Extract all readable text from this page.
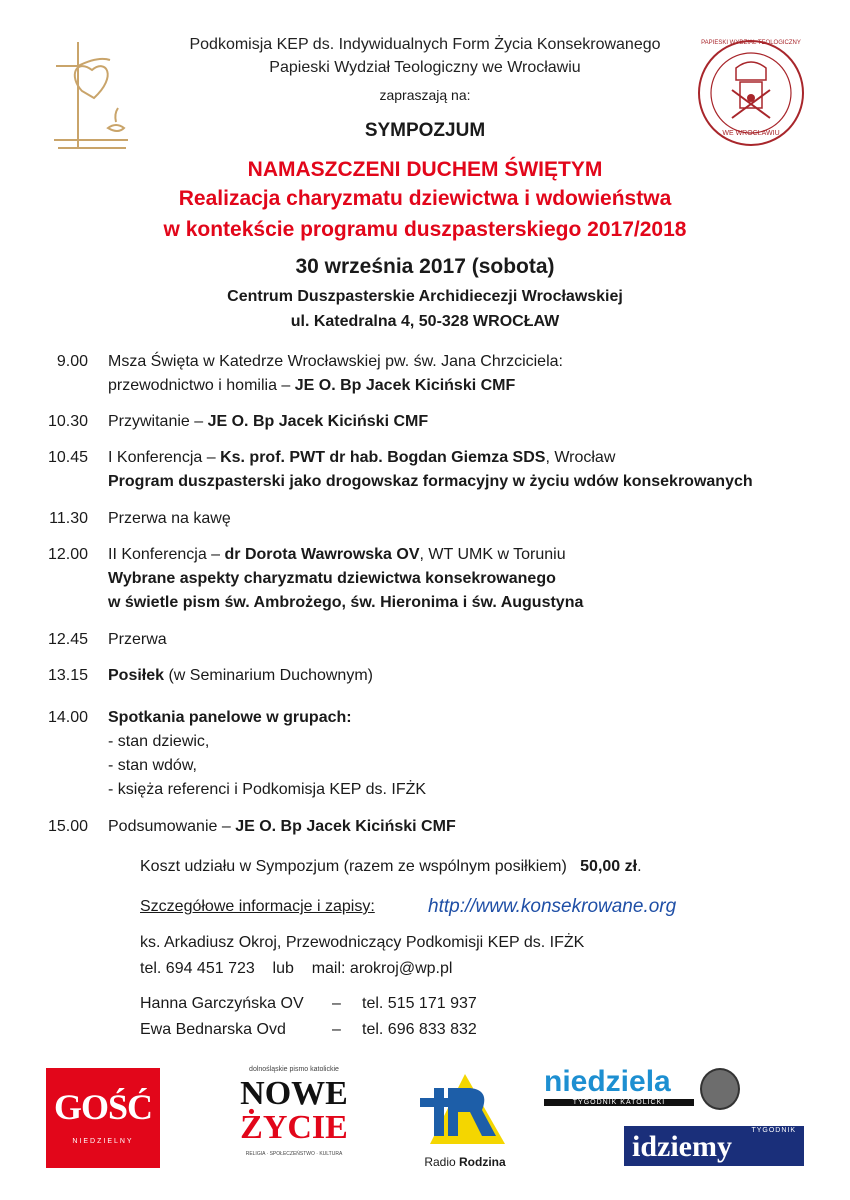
PAPIESKI WYDZIAŁ TEOLOGICZNY
WE WROCŁAWIU
Podkomisja KEP ds. Indywidualnych Form Życia Konsekrowanego
Papieski Wydział Teologiczny we Wrocławiu
zapraszają na:
SYMPOZJUM
NAMASZCZENI DUCHEM ŚWIĘTYM
Realizacja charyzmatu dziewictwa i wdowieństwa
w kontekście programu duszpasterskiego 2017/2018
30 września 2017 (sobota)
Centrum Duszpasterskie Archidiecezji Wrocławskiej
ul. Katedralna 4, 50-328 WROCŁAW
9.00 Msza Święta w Katedrze Wrocławskiej pw. św. Jana Chrzciciela:
przewodnictwo i homilia – JE O. Bp Jacek Kiciński CMF
10.30 Przywitanie – JE O. Bp Jacek Kiciński CMF
10.45 I Konferencja – Ks. prof. PWT dr hab. Bogdan Giemza SDS, Wrocław
Program duszpasterski jako drogowskaz formacyjny w życiu wdów konsekrowanych
11.30 Przerwa na kawę
12.00 II Konferencja – dr Dorota Wawrowska OV, WT UMK w Toruniu
Wybrane aspekty charyzmatu dziewictwa konsekrowanego
w świetle pism św. Ambrożego, św. Hieronima i św. Augustyna
12.45 Przerwa
13.15 Posiłek (w Seminarium Duchownym)
14.00 Spotkania panelowe w grupach:
- stan dziewic,
- stan wdów,
- księża referenci i Podkomisja KEP ds. IFŻK
15.00 Podsumowanie – JE O. Bp Jacek Kiciński CMF
Koszt udziału w Sympozjum (razem ze wspólnym posiłkiem) 50,00 zł.
Szczegółowe informacje i zapisy:	http://www.konsekrowane.org
ks. Arkadiusz Okroj, Przewodniczący Podkomisji KEP ds. IFŻK
tel. 694 451 723 lub mail: arokroj@wp.pl
Hanna Garczyńska OV – tel. 515 171 937
Ewa Bednarska Ovd	– tel. 696 833 832
GOŚĆ
NIEDZIELNY
dolnośląskie pismo katolickie
NOWE
ŻYCIE
RELIGIA · SPOŁECZEŃSTWO · KULTURA
Radio Rodzina
niedziela
TYGODNIK KATOLICKI
TYGODNIK
idziemy
